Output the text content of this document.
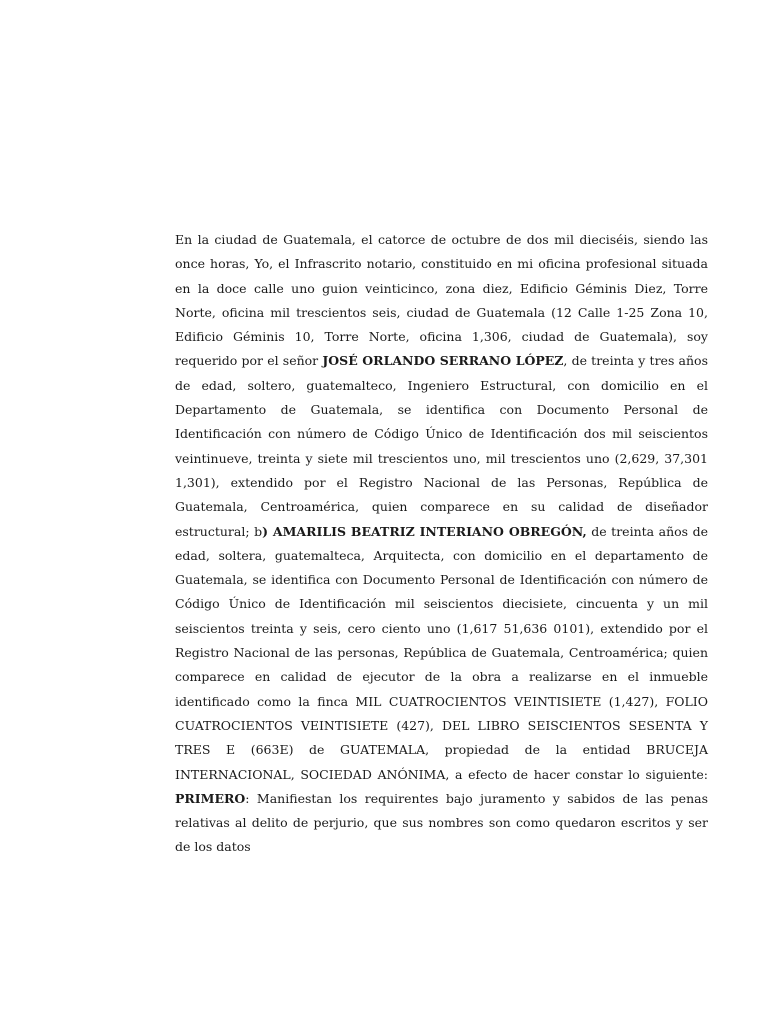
En la ciudad de Guatemala, el catorce de octubre de dos mil dieciséis, siendo las once horas, Yo, el Infrascrito notario, constituido en mi oficina profesional situada en la doce calle uno guion veinticinco, zona diez, Edificio Géminis Diez, Torre Norte, oficina mil trescientos seis, ciudad de Guatemala (12 Calle 1-25 Zona 10, Edificio Géminis 10, Torre Norte, oficina 1,306, ciudad de Guatemala), soy requerido por el señor JOSÉ ORLANDO SERRANO LÓPEZ, de treinta y tres años de edad, soltero, guatemalteco, Ingeniero Estructural, con domicilio en el Departamento de Guatemala, se identifica con Documento Personal de Identificación con número de Código Único de Identificación dos mil seiscientos veintinueve, treinta y siete mil trescientos uno, mil trescientos uno (2,629, 37,301 1,301), extendido por el Registro Nacional de las Personas, República de Guatemala, Centroamérica, quien comparece en su calidad de diseñador estructural; b) AMARILIS BEATRIZ INTERIANO OBREGÓN, de treinta años de edad, soltera, guatemalteca, Arquitecta, con domicilio en el departamento de Guatemala, se identifica con Documento Personal de Identificación con número de Código Único de Identificación mil seiscientos diecisiete, cincuenta y un mil seiscientos treinta y seis, cero ciento uno (1,617 51,636 0101), extendido por el Registro Nacional de las personas, República de Guatemala, Centroamérica; quien comparece en calidad de ejecutor de la obra a realizarse en el inmueble identificado como la finca MIL CUATROCIENTOS VEINTISIETE (1,427), FOLIO CUATROCIENTOS VEINTISIETE (427), DEL LIBRO SEISCIENTOS SESENTA Y TRES E (663E) de GUATEMALA, propiedad de la entidad BRUCEJA INTERNACIONAL, SOCIEDAD ANÓNIMA, a efecto de hacer constar lo siguiente: PRIMERO: Manifiestan los requirentes bajo juramento y sabidos de las penas relativas al delito de perjurio, que sus nombres son como quedaron escritos y ser de los datos
